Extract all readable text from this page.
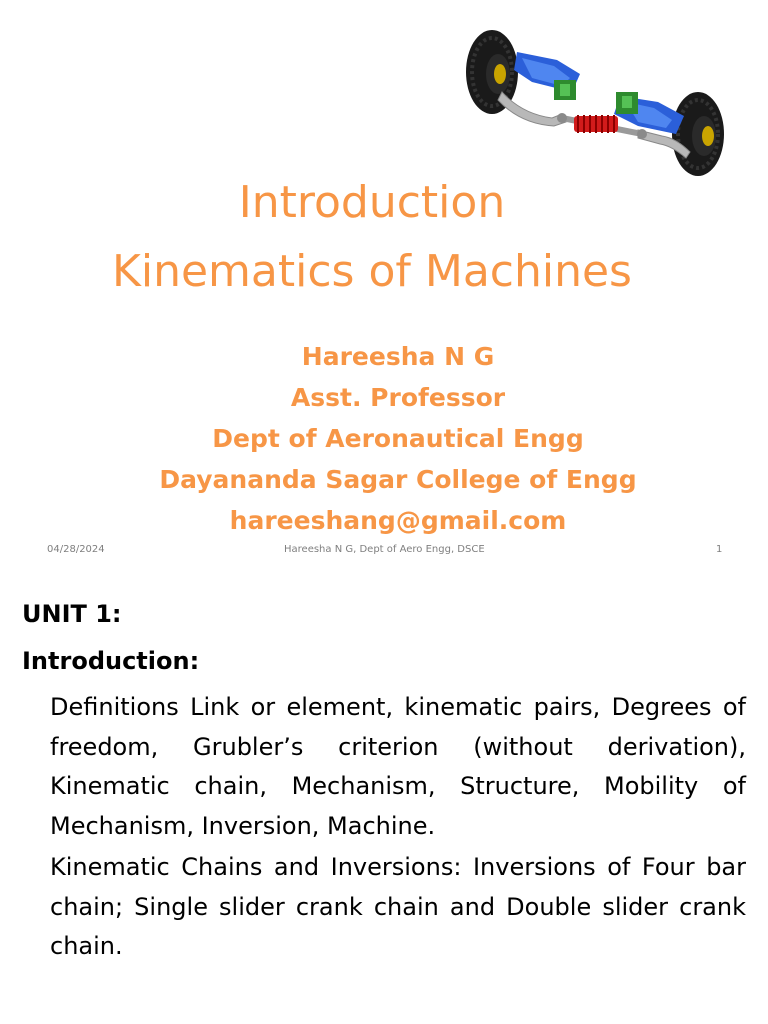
Introduction
Kinematics of Machines
Hareesha N G
Asst. Professor
Dept of Aeronautical Engg
Dayananda Sagar College of Engg
hareeshang@gmail.com
04/28/2024	Hareesha N G, Dept of Aero Engg, DSCE	1
UNIT 1:
Introduction:

Definitions Link or element, kinematic pairs, Degrees of freedom, Grubler’s criterion (without derivation), Kinematic chain, Mechanism, Structure, Mobility of Mechanism, Inversion, Machine.

Kinematic Chains and Inversions: Inversions of Four bar chain; Single slider crank chain and Double slider crank chain.
